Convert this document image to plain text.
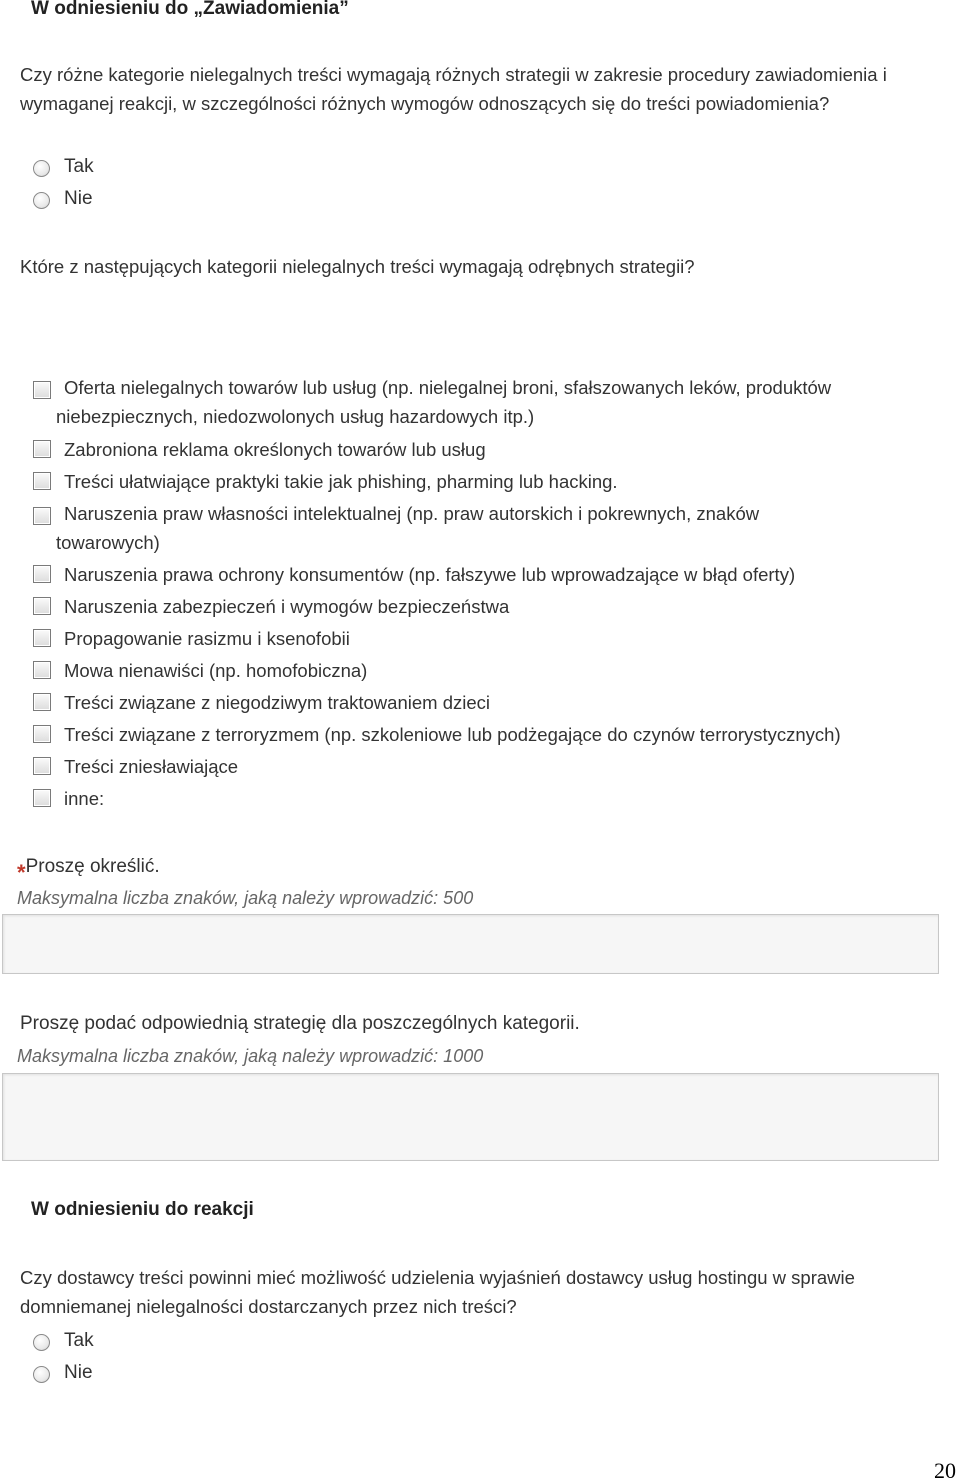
W odniesieniu do „Zawiadomienia”
Czy różne kategorie nielegalnych treści wymagają różnych strategii w zakresie procedury zawiadomienia i wymaganej reakcji, w szczególności różnych wymogów odnoszących się do treści powiadomienia?
Tak
Nie
Które z następujących kategorii nielegalnych treści wymagają odrębnych strategii?
Oferta nielegalnych towarów lub usług (np. nielegalnej broni, sfałszowanych leków, produktów niebezpiecznych, niedozwolonych usług hazardowych itp.)
Zabroniona reklama określonych towarów lub usług
Treści ułatwiające praktyki takie jak phishing, pharming lub hacking.
Naruszenia praw własności intelektualnej (np. praw autorskich i pokrewnych, znaków towarowych)
Naruszenia prawa ochrony konsumentów (np. fałszywe lub wprowadzające w błąd oferty)
Naruszenia zabezpieczeń i wymogów bezpieczeństwa
Propagowanie rasizmu i ksenofobii
Mowa nienawiści (np. homofobiczna)
Treści związane z niegodziwym traktowaniem dzieci
Treści związane z terroryzmem (np. szkoleniowe lub podżegające do czynów terrorystycznych)
Treści zniesławiające
inne:
*Proszę określić.
Maksymalna liczba znaków, jaką należy wprowadzić: 500
Proszę podać odpowiednią strategię dla poszczególnych kategorii.
Maksymalna liczba znaków, jaką należy wprowadzić: 1000
W odniesieniu do reakcji
Czy dostawcy treści powinni mieć możliwość udzielenia wyjaśnień dostawcy usług hostingu w sprawie domniemanej nielegalności dostarczanych przez nich treści?
Tak
Nie
20
